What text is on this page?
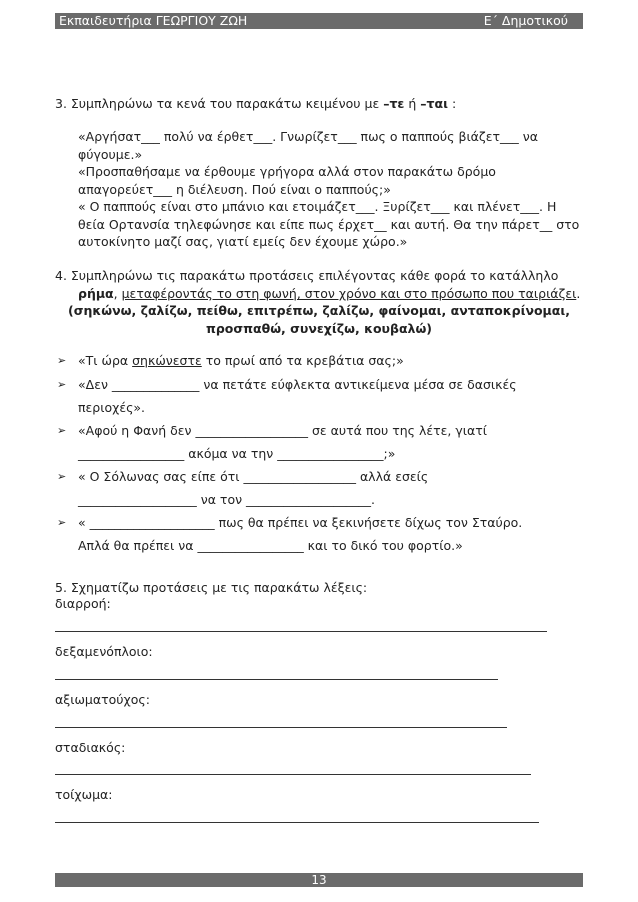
Εκπαιδευτήρια ΓΕΩΡΓΙΟΥ ΖΩΗ	Ε΄ Δημοτικού
3. Συμπληρώνω τα κενά του παρακάτω κειμένου με –τε ή –ται :
«Αργήσατ___ πολύ να έρθετ___. Γνωρίζετ___ πως ο παππούς βιάζετ___ να
φύγουμε.»
«Προσπαθήσαμε να έρθουμε γρήγορα αλλά στον παρακάτω δρόμο
απαγορεύετ___ η διέλευση. Πού είναι ο παππούς;»
« Ο παππούς είναι στο μπάνιο και ετοιμάζετ___. Ξυρίζετ___ και πλένετ___. Η
θεία Ορτανσία τηλεφώνησε και είπε πως έρχετ__ και αυτή. Θα την πάρετ__ στο
αυτοκίνητο μαζί σας, γιατί εμείς δεν έχουμε χώρο.»
4. Συμπληρώνω τις παρακάτω προτάσεις επιλέγοντας κάθε φορά το κατάλληλο
ρήμα, μεταφέροντάς το στη φωνή, στον χρόνο και στο πρόσωπο που ταιριάζει.
(σηκώνω, ζαλίζω, πείθω, επιτρέπω, ζαλίζω, φαίνομαι, ανταποκρίνομαι,
προσπαθώ, συνεχίζω, κουβαλώ)
➢ «Τι ώρα σηκώνεστε το πρωί από τα κρεβάτια σας;»
➢ «Δεν ______________ να πετάτε εύφλεκτα αντικείμενα μέσα σε δασικές
περιοχές».
➢ «Αφού η Φανή δεν __________________ σε αυτά που της λέτε, γιατί
_________________ ακόμα να την _________________;»
➢ « Ο Σόλωνας σας είπε ότι __________________ αλλά εσείς
___________________ να τον ____________________.
➢ « ____________________ πως θα πρέπει να ξεκινήσετε δίχως τον Σταύρο.
Απλά θα πρέπει να _________________ και το δικό του φορτίο.»
5. Σχηματίζω προτάσεις με τις παρακάτω λέξεις:
διαρροή:
δεξαμενόπλοιο:
αξιωματούχος:
σταδιακός:
τοίχωμα:
13
